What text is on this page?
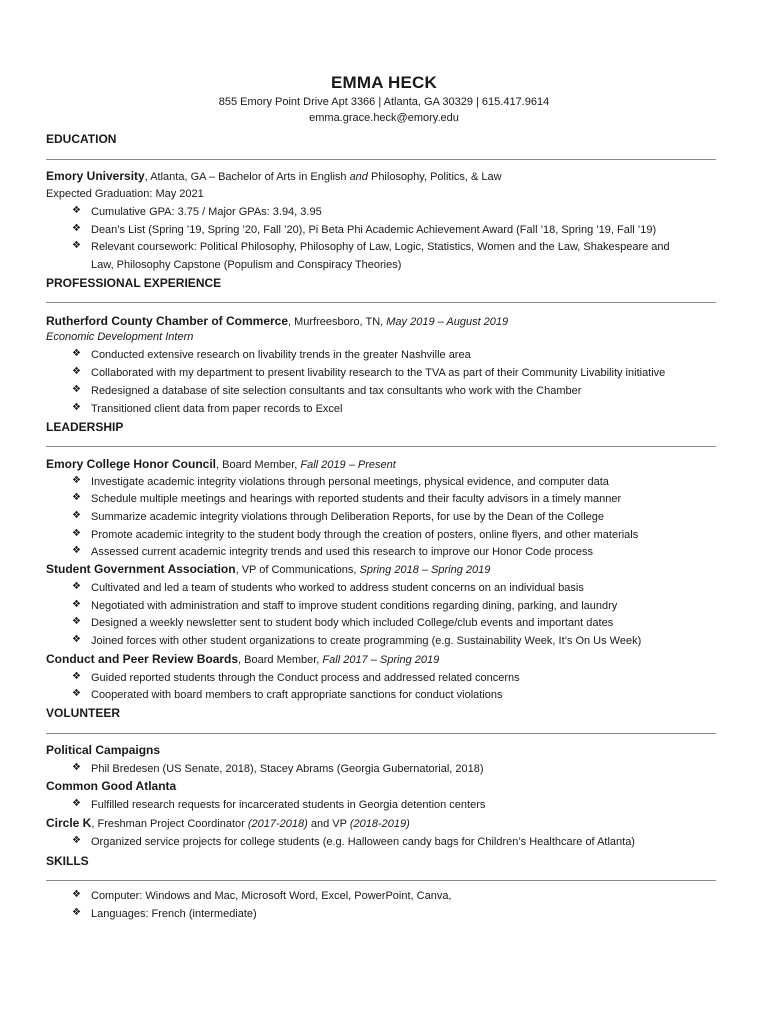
EMMA HECK
855 Emory Point Drive Apt 3366 | Atlanta, GA 30329 | 615.417.9614
emma.grace.heck@emory.edu
EDUCATION
Emory University, Atlanta, GA – Bachelor of Arts in English and Philosophy, Politics, & Law
Expected Graduation: May 2021
❖ Cumulative GPA: 3.75 / Major GPAs: 3.94, 3.95
❖ Dean’s List (Spring ’19, Spring ’20, Fall ’20), Pi Beta Phi Academic Achievement Award (Fall ’18, Spring ’19, Fall ’19)
❖ Relevant coursework: Political Philosophy, Philosophy of Law, Logic, Statistics, Women and the Law, Shakespeare and
Law, Philosophy Capstone (Populism and Conspiracy Theories)
PROFESSIONAL EXPERIENCE
Rutherford County Chamber of Commerce, Murfreesboro, TN, May 2019 – August 2019
Economic Development Intern
❖ Conducted extensive research on livability trends in the greater Nashville area
❖ Collaborated with my department to present livability research to the TVA as part of their Community Livability initiative
❖ Redesigned a database of site selection consultants and tax consultants who work with the Chamber
❖ Transitioned client data from paper records to Excel
LEADERSHIP
Emory College Honor Council, Board Member, Fall 2019 – Present
❖ Investigate academic integrity violations through personal meetings, physical evidence, and computer data
❖ Schedule multiple meetings and hearings with reported students and their faculty advisors in a timely manner
❖ Summarize academic integrity violations through Deliberation Reports, for use by the Dean of the College
❖ Promote academic integrity to the student body through the creation of posters, online flyers, and other materials
❖ Assessed current academic integrity trends and used this research to improve our Honor Code process
Student Government Association, VP of Communications, Spring 2018 – Spring 2019
❖ Cultivated and led a team of students who worked to address student concerns on an individual basis
❖ Negotiated with administration and staff to improve student conditions regarding dining, parking, and laundry
❖ Designed a weekly newsletter sent to student body which included College/club events and important dates
❖ Joined forces with other student organizations to create programming (e.g. Sustainability Week, It’s On Us Week)
Conduct and Peer Review Boards, Board Member, Fall 2017 – Spring 2019
❖ Guided reported students through the Conduct process and addressed related concerns
❖ Cooperated with board members to craft appropriate sanctions for conduct violations
VOLUNTEER
Political Campaigns
❖ Phil Bredesen (US Senate, 2018), Stacey Abrams (Georgia Gubernatorial, 2018)
Common Good Atlanta
❖ Fulfilled research requests for incarcerated students in Georgia detention centers
Circle K, Freshman Project Coordinator (2017-2018) and VP (2018-2019)
❖ Organized service projects for college students (e.g. Halloween candy bags for Children’s Healthcare of Atlanta)
SKILLS
❖ Computer: Windows and Mac, Microsoft Word, Excel, PowerPoint, Canva,
❖ Languages: French (intermediate)
